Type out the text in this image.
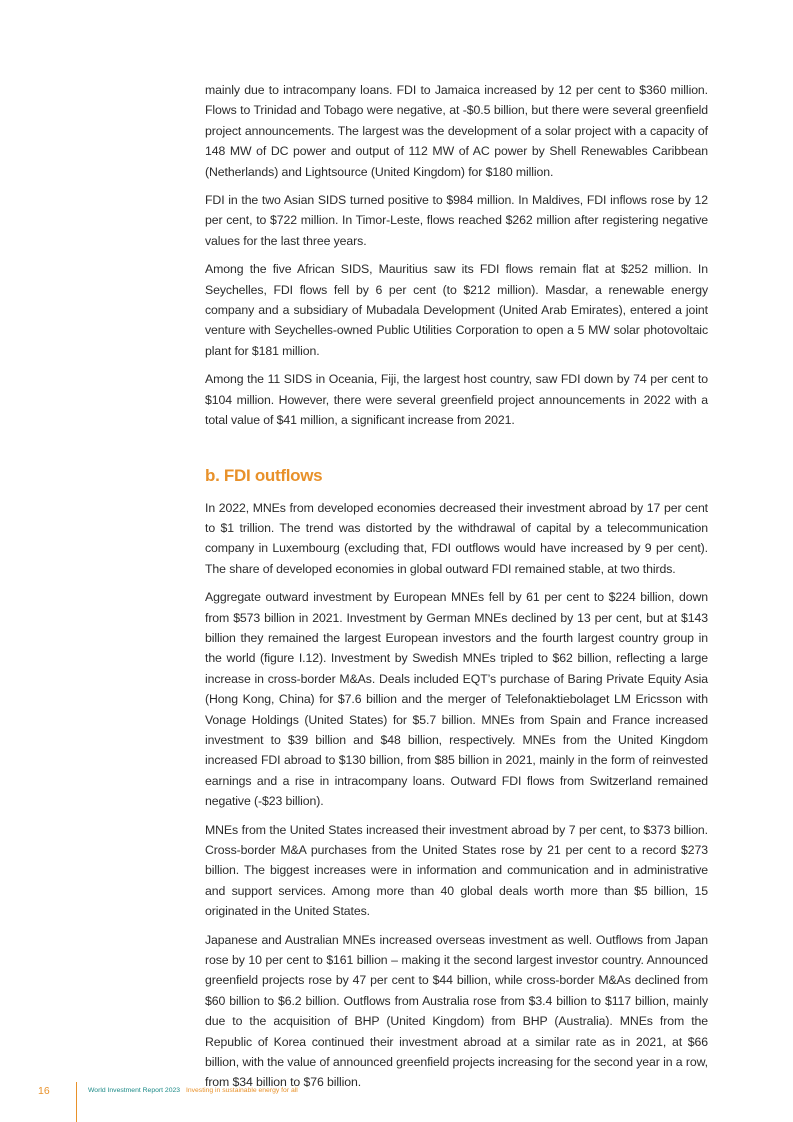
mainly due to intracompany loans. FDI to Jamaica increased by 12 per cent to $360 million. Flows to Trinidad and Tobago were negative, at -$0.5 billion, but there were several greenfield project announcements. The largest was the development of a solar project with a capacity of 148 MW of DC power and output of 112 MW of AC power by Shell Renewables Caribbean (Netherlands) and Lightsource (United Kingdom) for $180 million.

FDI in the two Asian SIDS turned positive to $984 million. In Maldives, FDI inflows rose by 12 per cent, to $722 million. In Timor-Leste, flows reached $262 million after registering negative values for the last three years.

Among the five African SIDS, Mauritius saw its FDI flows remain flat at $252 million. In Seychelles, FDI flows fell by 6 per cent (to $212 million). Masdar, a renewable energy company and a subsidiary of Mubadala Development (United Arab Emirates), entered a joint venture with Seychelles-owned Public Utilities Corporation to open a 5 MW solar photovoltaic plant for $181 million.

Among the 11 SIDS in Oceania, Fiji, the largest host country, saw FDI down by 74 per cent to $104 million. However, there were several greenfield project announcements in 2022 with a total value of $41 million, a significant increase from 2021.

b. FDI outflows

In 2022, MNEs from developed economies decreased their investment abroad by 17 per cent to $1 trillion. The trend was distorted by the withdrawal of capital by a telecommunication company in Luxembourg (excluding that, FDI outflows would have increased by 9 per cent). The share of developed economies in global outward FDI remained stable, at two thirds.

Aggregate outward investment by European MNEs fell by 61 per cent to $224 billion, down from $573 billion in 2021. Investment by German MNEs declined by 13 per cent, but at $143 billion they remained the largest European investors and the fourth largest country group in the world (figure I.12). Investment by Swedish MNEs tripled to $62 billion, reflecting a large increase in cross-border M&As. Deals included EQT’s purchase of Baring Private Equity Asia (Hong Kong, China) for $7.6 billion and the merger of Telefonaktiebolaget LM Ericsson with Vonage Holdings (United States) for $5.7 billion. MNEs from Spain and France increased investment to $39 billion and $48 billion, respectively. MNEs from the United Kingdom increased FDI abroad to $130 billion, from $85 billion in 2021, mainly in the form of reinvested earnings and a rise in intracompany loans. Outward FDI flows from Switzerland remained negative (-$23 billion).

MNEs from the United States increased their investment abroad by 7 per cent, to $373 billion. Cross-border M&A purchases from the United States rose by 21 per cent to a record $273 billion. The biggest increases were in information and communication and in administrative and support services. Among more than 40 global deals worth more than $5 billion, 15 originated in the United States.

Japanese and Australian MNEs increased overseas investment as well. Outflows from Japan rose by 10 per cent to $161 billion – making it the second largest investor country. Announced greenfield projects rose by 47 per cent to $44 billion, while cross-border M&As declined from $60 billion to $6.2 billion. Outflows from Australia rose from $3.4 billion to $117 billion, mainly due to the acquisition of BHP (United Kingdom) from BHP (Australia). MNEs from the Republic of Korea continued their investment abroad at a similar rate as in 2021, at $66 billion, with the value of announced greenfield projects increasing for the second year in a row, from $34 billion to $76 billion.

16	World Investment Report 2023 Investing in sustainable energy for all
